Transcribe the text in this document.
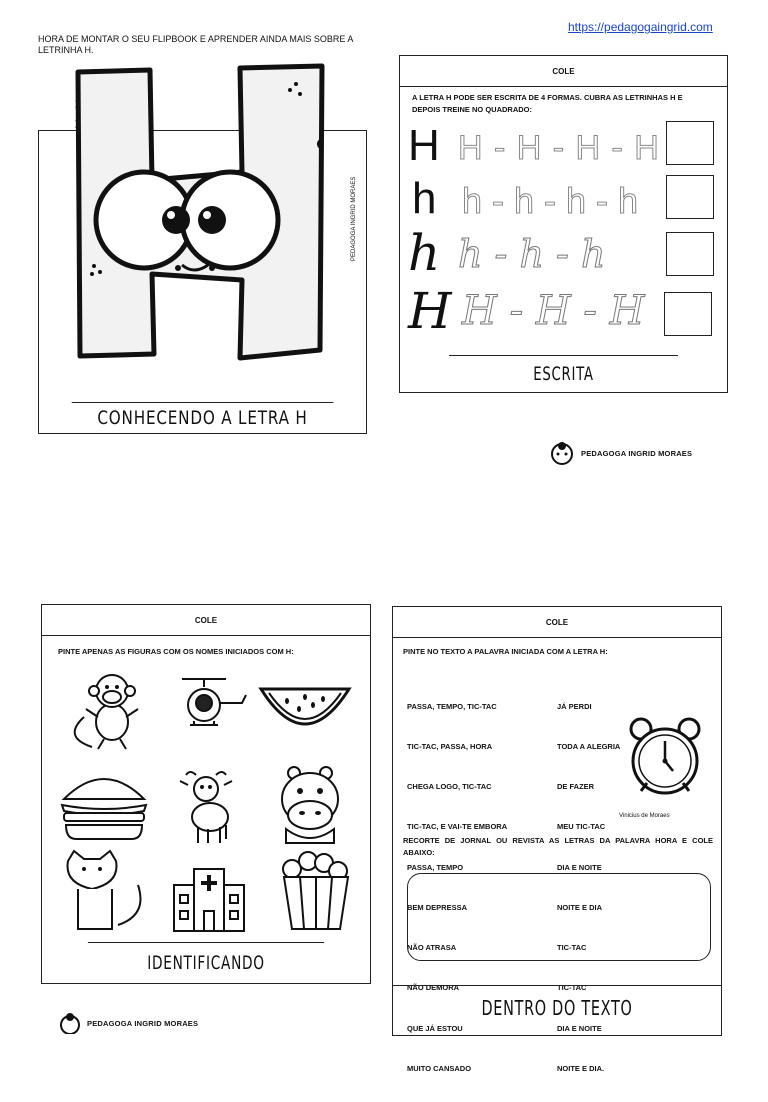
https://pedagogaingrid.com
HORA DE MONTAR O SEU FLIPBOOK E APRENDER AINDA MAIS SOBRE A LETRINHA H.
PEDAGOGA INGRID MORAES
CONHECENDO A LETRA H
COLE
A LETRA H PODE SER ESCRITA DE 4 FORMAS. CUBRA AS LETRINHAS H E DEPOIS TREINE NO QUADRADO:
H H - H - H - H
h h - h - h - h
h h - h - h
H H - H - H
ESCRITA
PEDAGOGA INGRID MORAES
COLE
PINTE APENAS AS FIGURAS COM OS NOMES INICIADOS COM H:
IDENTIFICANDO
COLE
PINTE NO TEXTO A PALAVRA INICIADA COM A LETRA H:

PASSA, TEMPO, TIC-TAC

TIC-TAC, PASSA, HORA

CHEGA LOGO, TIC-TAC

TIC-TAC, E VAI-TE EMBORA

PASSA, TEMPO

BEM DEPRESSA

NÃO ATRASA

NÃO DEMORA

QUE JÁ ESTOU

MUITO CANSADO

JÁ PERDI

TODA A ALEGRIA

DE FAZER

MEU TIC-TAC

DIA E NOITE

NOITE E DIA

TIC-TAC

TIC-TAC

DIA E NOITE

NOITE E DIA.

Vinicius de Moraes
RECORTE DE JORNAL OU REVISTA AS LETRAS DA PALAVRA HORA E COLE ABAIXO:
DENTRO DO TEXTO
PEDAGOGA INGRID MORAES
